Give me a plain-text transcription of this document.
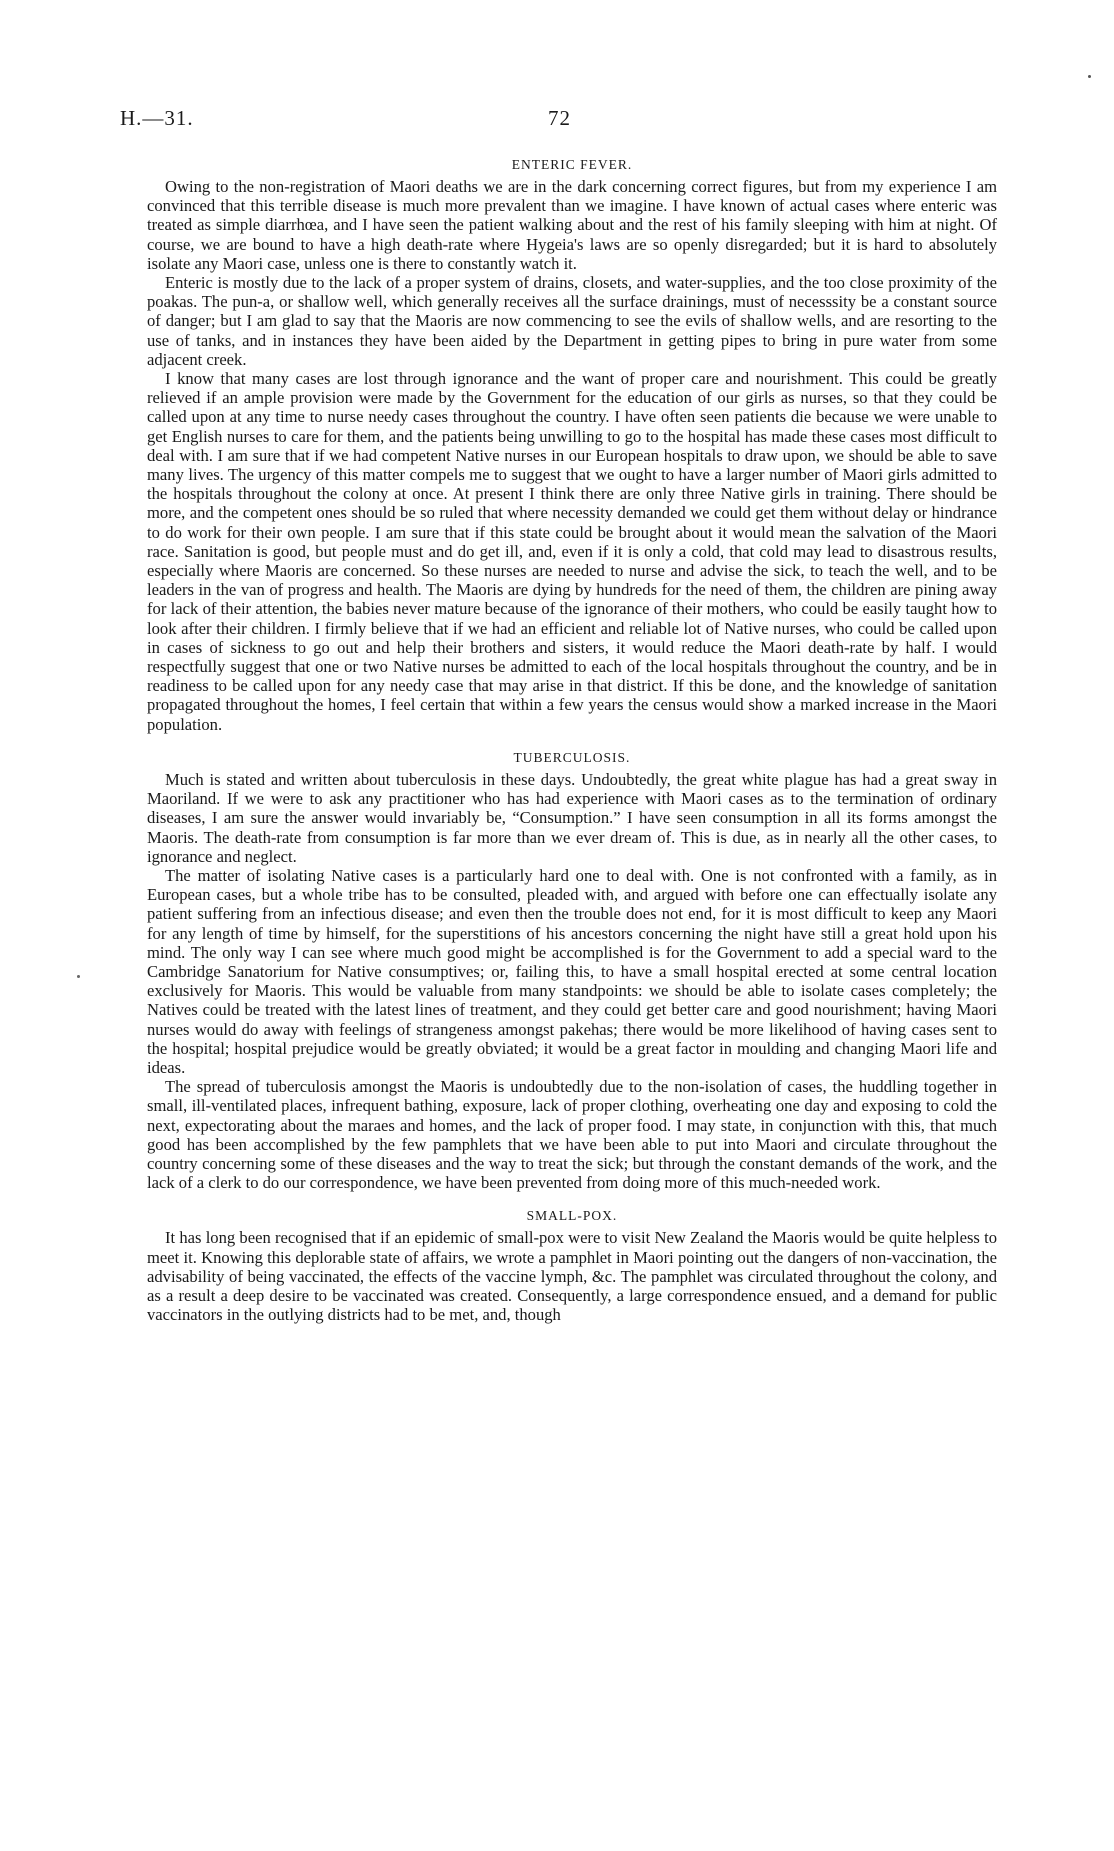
H.—31.	72
ENTERIC FEVER.

Owing to the non-registration of Maori deaths we are in the dark concerning correct figures, but from my experience I am convinced that this terrible disease is much more prevalent than we imagine. I have known of actual cases where enteric was treated as simple diarrhœa, and I have seen the patient walking about and the rest of his family sleeping with him at night. Of course, we are bound to have a high death-rate where Hygeia's laws are so openly disregarded; but it is hard to absolutely isolate any Maori case, unless one is there to constantly watch it.

Enteric is mostly due to the lack of a proper system of drains, closets, and water-supplies, and the too close proximity of the poakas. The pun-a, or shallow well, which generally receives all the surface drainings, must of necesssity be a constant source of danger; but I am glad to say that the Maoris are now commencing to see the evils of shallow wells, and are resorting to the use of tanks, and in instances they have been aided by the Department in getting pipes to bring in pure water from some adjacent creek.

I know that many cases are lost through ignorance and the want of proper care and nourishment. This could be greatly relieved if an ample provision were made by the Government for the education of our girls as nurses, so that they could be called upon at any time to nurse needy cases throughout the country. I have often seen patients die because we were unable to get English nurses to care for them, and the patients being unwilling to go to the hospital has made these cases most difficult to deal with. I am sure that if we had competent Native nurses in our European hospitals to draw upon, we should be able to save many lives. The urgency of this matter compels me to suggest that we ought to have a larger number of Maori girls admitted to the hospitals throughout the colony at once. At present I think there are only three Native girls in training. There should be more, and the competent ones should be so ruled that where necessity demanded we could get them without delay or hindrance to do work for their own people. I am sure that if this state could be brought about it would mean the salvation of the Maori race. Sanitation is good, but people must and do get ill, and, even if it is only a cold, that cold may lead to disastrous results, especially where Maoris are concerned. So these nurses are needed to nurse and advise the sick, to teach the well, and to be leaders in the van of progress and health. The Maoris are dying by hundreds for the need of them, the children are pining away for lack of their attention, the babies never mature because of the ignorance of their mothers, who could be easily taught how to look after their children. I firmly believe that if we had an efficient and reliable lot of Native nurses, who could be called upon in cases of sickness to go out and help their brothers and sisters, it would reduce the Maori death-rate by half. I would respectfully suggest that one or two Native nurses be admitted to each of the local hospitals throughout the country, and be in readiness to be called upon for any needy case that may arise in that district. If this be done, and the knowledge of sanitation propagated throughout the homes, I feel certain that within a few years the census would show a marked increase in the Maori population.

TUBERCULOSIS.

Much is stated and written about tuberculosis in these days. Undoubtedly, the great white plague has had a great sway in Maoriland. If we were to ask any practitioner who has had experience with Maori cases as to the termination of ordinary diseases, I am sure the answer would invariably be, “Consumption.” I have seen consumption in all its forms amongst the Maoris. The death-rate from consumption is far more than we ever dream of. This is due, as in nearly all the other cases, to ignorance and neglect.

The matter of isolating Native cases is a particularly hard one to deal with. One is not confronted with a family, as in European cases, but a whole tribe has to be consulted, pleaded with, and argued with before one can effectually isolate any patient suffering from an infectious disease; and even then the trouble does not end, for it is most difficult to keep any Maori for any length of time by himself, for the superstitions of his ancestors concerning the night have still a great hold upon his mind. The only way I can see where much good might be accomplished is for the Government to add a special ward to the Cambridge Sanatorium for Native consumptives; or, failing this, to have a small hospital erected at some central location exclusively for Maoris. This would be valuable from many standpoints: we should be able to isolate cases completely; the Natives could be treated with the latest lines of treatment, and they could get better care and good nourishment; having Maori nurses would do away with feelings of strangeness amongst pakehas; there would be more likelihood of having cases sent to the hospital; hospital prejudice would be greatly obviated; it would be a great factor in moulding and changing Maori life and ideas.

The spread of tuberculosis amongst the Maoris is undoubtedly due to the non-isolation of cases, the huddling together in small, ill-ventilated places, infrequent bathing, exposure, lack of proper clothing, overheating one day and exposing to cold the next, expectorating about the maraes and homes, and the lack of proper food. I may state, in conjunction with this, that much good has been accomplished by the few pamphlets that we have been able to put into Maori and circulate throughout the country concerning some of these diseases and the way to treat the sick; but through the constant demands of the work, and the lack of a clerk to do our correspondence, we have been prevented from doing more of this much-needed work.

SMALL-POX.

It has long been recognised that if an epidemic of small-pox were to visit New Zealand the Maoris would be quite helpless to meet it. Knowing this deplorable state of affairs, we wrote a pamphlet in Maori pointing out the dangers of non-vaccination, the advisability of being vaccinated, the effects of the vaccine lymph, &c. The pamphlet was circulated throughout the colony, and as a result a deep desire to be vaccinated was created. Consequently, a large correspondence ensued, and a demand for public vaccinators in the outlying districts had to be met, and, though
